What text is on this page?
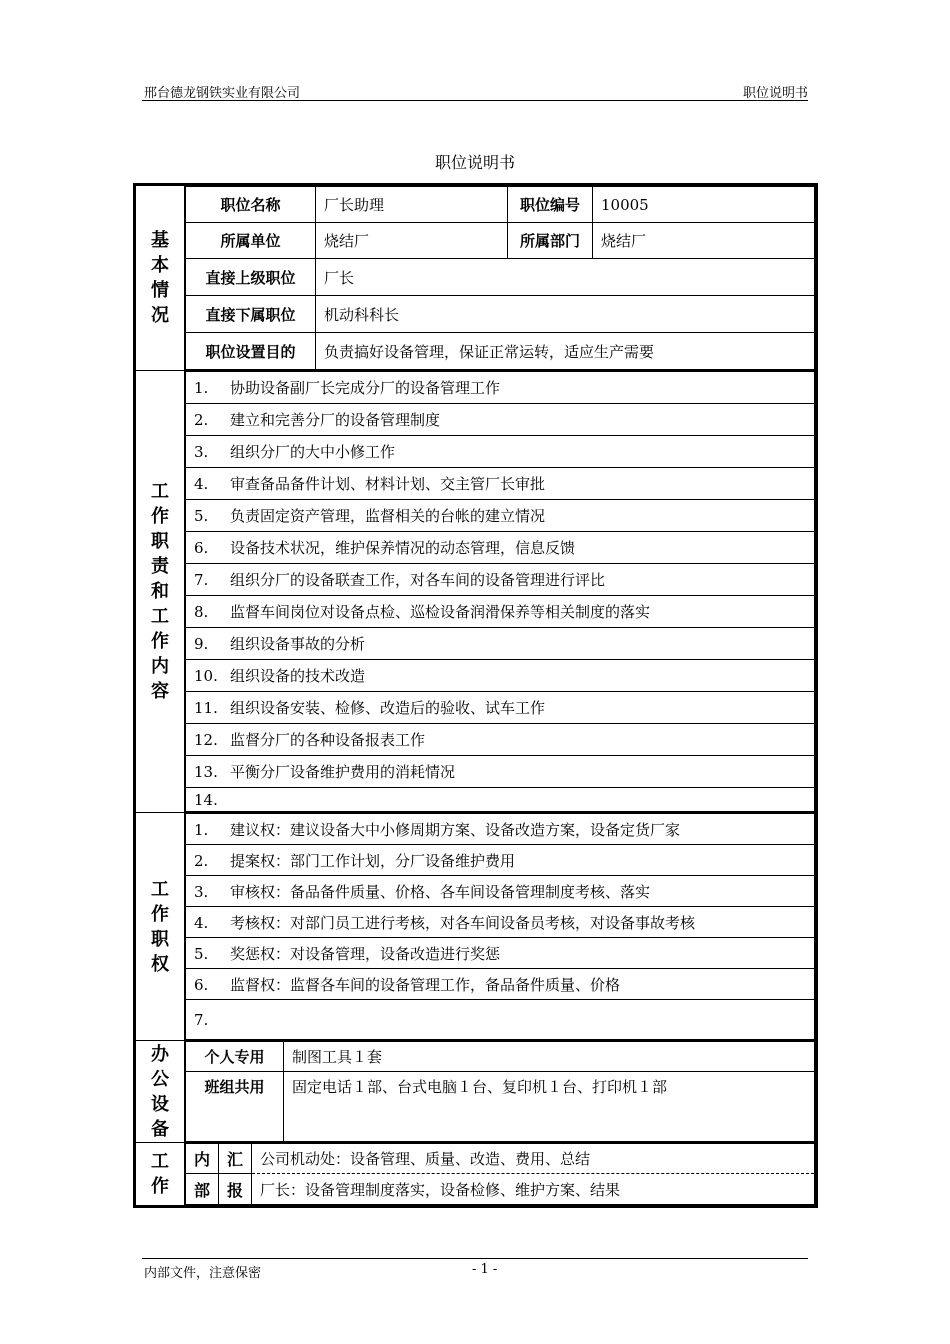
邢台德龙钢铁实业有限公司	职位说明书
职位说明书
基
本
情
况

职位名称	厂长助理	职位编号	10005
所属单位	烧结厂	所属部门	烧结厂
直接上级职位	厂长
直接下属职位	机动科科长
职位设置目的	负责搞好设备管理，保证正常运转，适应生产需要

工
作
职
责
和
工
作
内
容

1. 协助设备副厂长完成分厂的设备管理工作
2. 建立和完善分厂的设备管理制度
3. 组织分厂的大中小修工作
4. 审查备品备件计划、材料计划、交主管厂长审批
5. 负责固定资产管理，监督相关的台帐的建立情况
6. 设备技术状况，维护保养情况的动态管理，信息反馈
7. 组织分厂的设备联查工作，对各车间的设备管理进行评比
8. 监督车间岗位对设备点检、巡检设备润滑保养等相关制度的落实
9. 组织设备事故的分析
10. 组织设备的技术改造
11. 组织设备安装、检修、改造后的验收、试车工作
12. 监督分厂的各种设备报表工作
13. 平衡分厂设备维护费用的消耗情况
14.

工
作
职
权

1. 建议权：建议设备大中小修周期方案、设备改造方案，设备定货厂家
2. 提案权：部门工作计划，分厂设备维护费用
3. 审核权：备品备件质量、价格、各车间设备管理制度考核、落实
4. 考核权：对部门员工进行考核，对各车间设备员考核，对设备事故考核
5. 奖惩权：对设备管理，设备改造进行奖惩
6. 监督权：监督各车间的设备管理工作，备品备件质量、价格
7.

办
公
设
备

个人专用	制图工具１套
班组共用	固定电话１部、台式电脑１台、复印机１台、打印机１部

工
作

内	汇	公司机动处：设备管理、质量、改造、费用、总结
部	报	厂长：设备管理制度落实，设备检修、维护方案、结果
内部文件，注意保密	- 1 -
